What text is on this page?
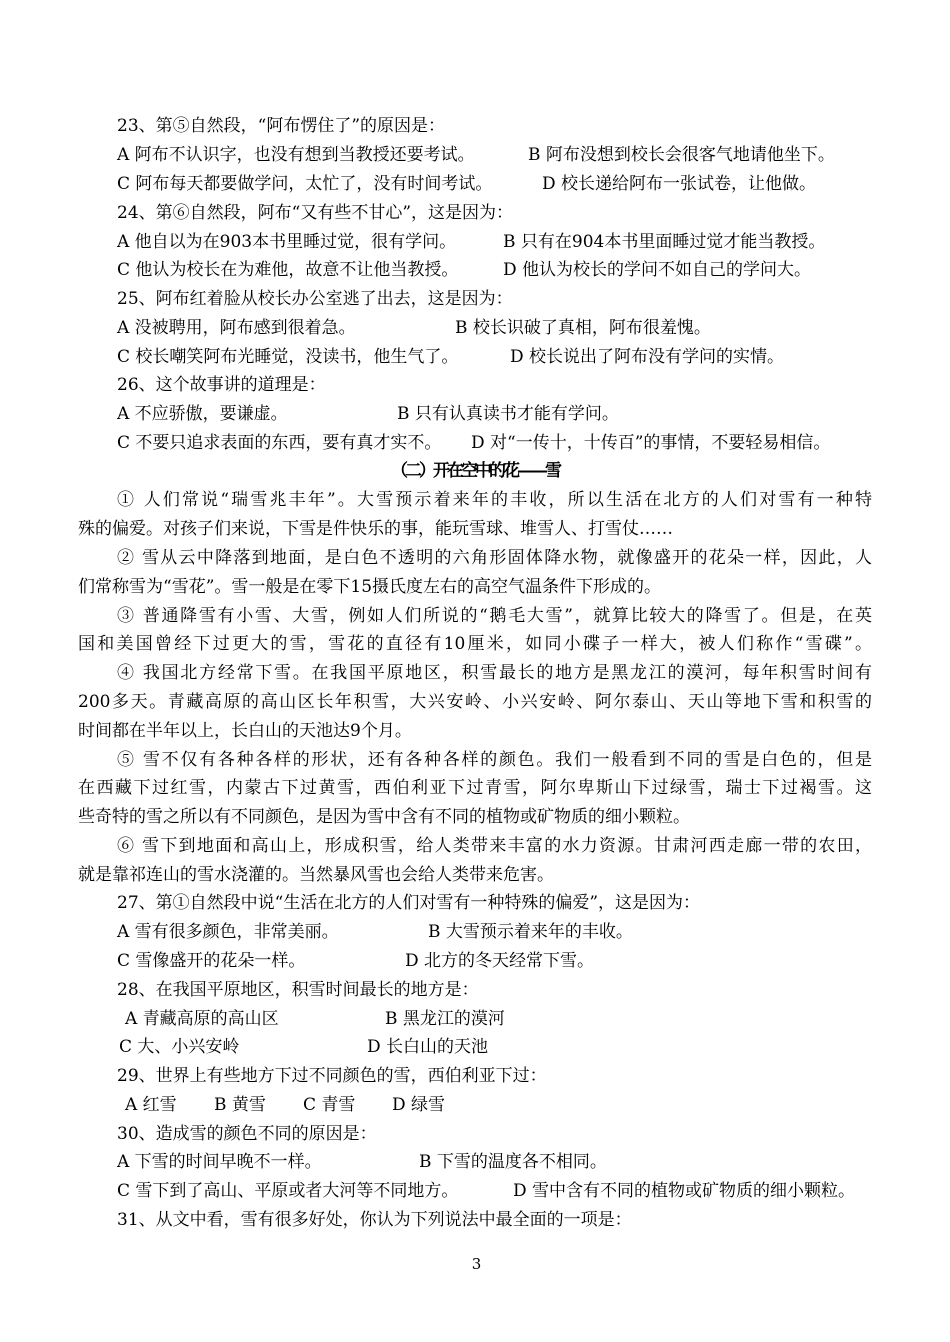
23、第⑤自然段，“阿布愣住了”的原因是：
A 阿布不认识字，也没有想到当教授还要考试。	B 阿布没想到校长会很客气地请他坐下。
C 阿布每天都要做学问，太忙了，没有时间考试。	D 校长递给阿布一张试卷，让他做。
24、第⑥自然段，阿布“又有些不甘心”，这是因为：
A 他自以为在903本书里睡过觉，很有学问。	B 只有在904本书里面睡过觉才能当教授。
C 他认为校长在为难他，故意不让他当教授。	D 他认为校长的学问不如自己的学问大。
25、阿布红着脸从校长办公室逃了出去，这是因为：
A 没被聘用，阿布感到很着急。	B 校长识破了真相，阿布很羞愧。
C 校长嘲笑阿布光睡觉，没读书，他生气了。	D 校长说出了阿布没有学问的实情。
26、这个故事讲的道理是：
A 不应骄傲，要谦虚。	B 只有认真读书才能有学问。
C 不要只追求表面的东西，要有真才实不。 D 对“一传十，十传百”的事情，不要轻易相信。
（二）开在空中的花——雪
① 人们常说“瑞雪兆丰年”。大雪预示着来年的丰收，所以生活在北方的人们对雪有一种特
殊的偏爱。对孩子们来说，下雪是件快乐的事，能玩雪球、堆雪人、打雪仗……
② 雪从云中降落到地面，是白色不透明的六角形固体降水物，就像盛开的花朵一样，因此，人
们常称雪为“雪花”。雪一般是在零下15摄氏度左右的高空气温条件下形成的。
③ 普通降雪有小雪、大雪，例如人们所说的“鹅毛大雪”，就算比较大的降雪了。但是，在英
国和美国曾经下过更大的雪，雪花的直径有10厘米，如同小碟子一样大，被人们称作“雪碟”。
④ 我国北方经常下雪。在我国平原地区，积雪最长的地方是黑龙江的漠河，每年积雪时间有
200多天。青藏高原的高山区长年积雪，大兴安岭、小兴安岭、阿尔泰山、天山等地下雪和积雪的
时间都在半年以上，长白山的天池达9个月。
⑤ 雪不仅有各种各样的形状，还有各种各样的颜色。我们一般看到不同的雪是白色的，但是
在西藏下过红雪，内蒙古下过黄雪，西伯利亚下过青雪，阿尔卑斯山下过绿雪，瑞士下过褐雪。这
些奇特的雪之所以有不同颜色，是因为雪中含有不同的植物或矿物质的细小颗粒。
⑥ 雪下到地面和高山上，形成积雪，给人类带来丰富的水力资源。甘肃河西走廊一带的农田，
就是靠祁连山的雪水浇灌的。当然暴风雪也会给人类带来危害。
27、第①自然段中说“生活在北方的人们对雪有一种特殊的偏爱”，这是因为：
A 雪有很多颜色，非常美丽。	B 大雪预示着来年的丰收。
C 雪像盛开的花朵一样。	D 北方的冬天经常下雪。
28、在我国平原地区，积雪时间最长的地方是：
A 青藏高原的高山区	B 黑龙江的漠河
C 大、小兴安岭	D 长白山的天池
29、世界上有些地方下过不同颜色的雪，西伯利亚下过：
A 红雪 B 黄雪 C 青雪 D 绿雪
30、造成雪的颜色不同的原因是：
A 下雪的时间早晚不一样。	B 下雪的温度各不相同。
C 雪下到了高山、平原或者大河等不同地方。	D 雪中含有不同的植物或矿物质的细小颗粒。
31、从文中看，雪有很多好处，你认为下列说法中最全面的一项是：
3
